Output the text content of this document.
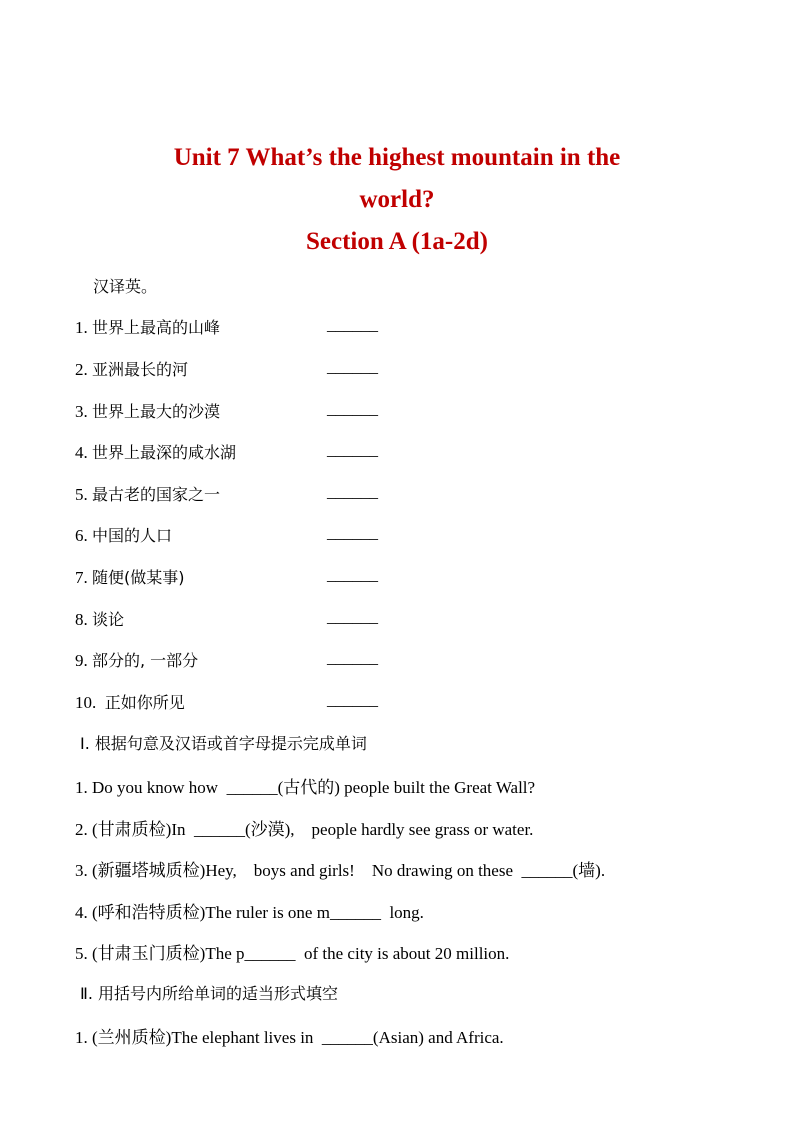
Unit 7 What’s the highest mountain in the
world?
Section A (1a-2d)
汉译英。
1. 世界上最高的山峰	______
2. 亚洲最长的河	______
3. 世界上最大的沙漠	______
4. 世界上最深的咸水湖	______
5. 最古老的国家之一	______
6. 中国的人口	______
7. 随便(做某事)	______
8. 谈论	______
9. 部分的, 一部分	______
10. 正如你所见	______
Ⅰ. 根据句意及汉语或首字母提示完成单词
1. Do you know how  ______(古代的) people built the Great Wall?
2. (甘肃质检)In  ______(沙漠),    people hardly see grass or water.
3. (新疆塔城质检)Hey,    boys and girls!    No drawing on these  ______(墙).
4. (呼和浩特质检)The ruler is one m______  long.
5. (甘肃玉门质检)The p______  of the city is about 20 million.
Ⅱ. 用括号内所给单词的适当形式填空
1. (兰州质检)The elephant lives in  ______(Asian) and Africa.
